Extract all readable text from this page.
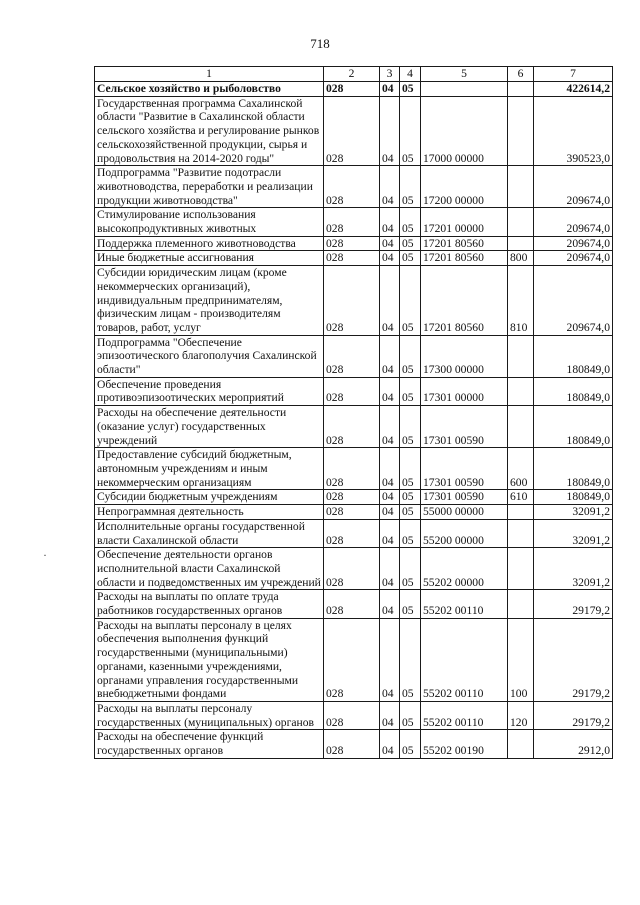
718
·
1	2	3	4	5	6	7
Сельское хозяйство и рыболовство	028	04	05			422614,2
Государственная программа Сахалинской области "Развитие в Сахалинской области сельского хозяйства и регулирование рынков сельскохозяйственной продукции, сырья и продовольствия на 2014-2020 годы"	028	04	05	17000 00000		390523,0
Подпрограмма "Развитие подотрасли животноводства, переработки и реализации продукции животноводства"	028	04	05	17200 00000		209674,0
Стимулирование использования высокопродуктивных животных	028	04	05	17201 00000		209674,0
Поддержка племенного животноводства	028	04	05	17201 80560		209674,0
Иные бюджетные ассигнования	028	04	05	17201 80560	800	209674,0
Субсидии юридическим лицам (кроме некоммерческих организаций), индивидуальным предпринимателям, физическим лицам - производителям товаров, работ, услуг	028	04	05	17201 80560	810	209674,0
Подпрограмма "Обеспечение эпизоотического благополучия Сахалинской области"	028	04	05	17300 00000		180849,0
Обеспечение проведения противоэпизоотических мероприятий	028	04	05	17301 00000		180849,0
Расходы на обеспечение деятельности (оказание услуг) государственных учреждений	028	04	05	17301 00590		180849,0
Предоставление субсидий бюджетным, автономным учреждениям и иным некоммерческим организациям	028	04	05	17301 00590	600	180849,0
Субсидии бюджетным учреждениям	028	04	05	17301 00590	610	180849,0
Непрограммная деятельность	028	04	05	55000 00000		32091,2
Исполнительные органы государственной власти Сахалинской области	028	04	05	55200 00000		32091,2
Обеспечение деятельности органов исполнительной власти Сахалинской области и подведомственных им учреждений	028	04	05	55202 00000		32091,2
Расходы на выплаты по оплате труда работников государственных органов	028	04	05	55202 00110		29179,2
Расходы на выплаты персоналу в целях обеспечения выполнения функций государственными (муниципальными) органами, казенными учреждениями, органами управления государственными внебюджетными фондами	028	04	05	55202 00110	100	29179,2
Расходы на выплаты персоналу государственных (муниципальных) органов	028	04	05	55202 00110	120	29179,2
Расходы на обеспечение функций государственных органов	028	04	05	55202 00190		2912,0
